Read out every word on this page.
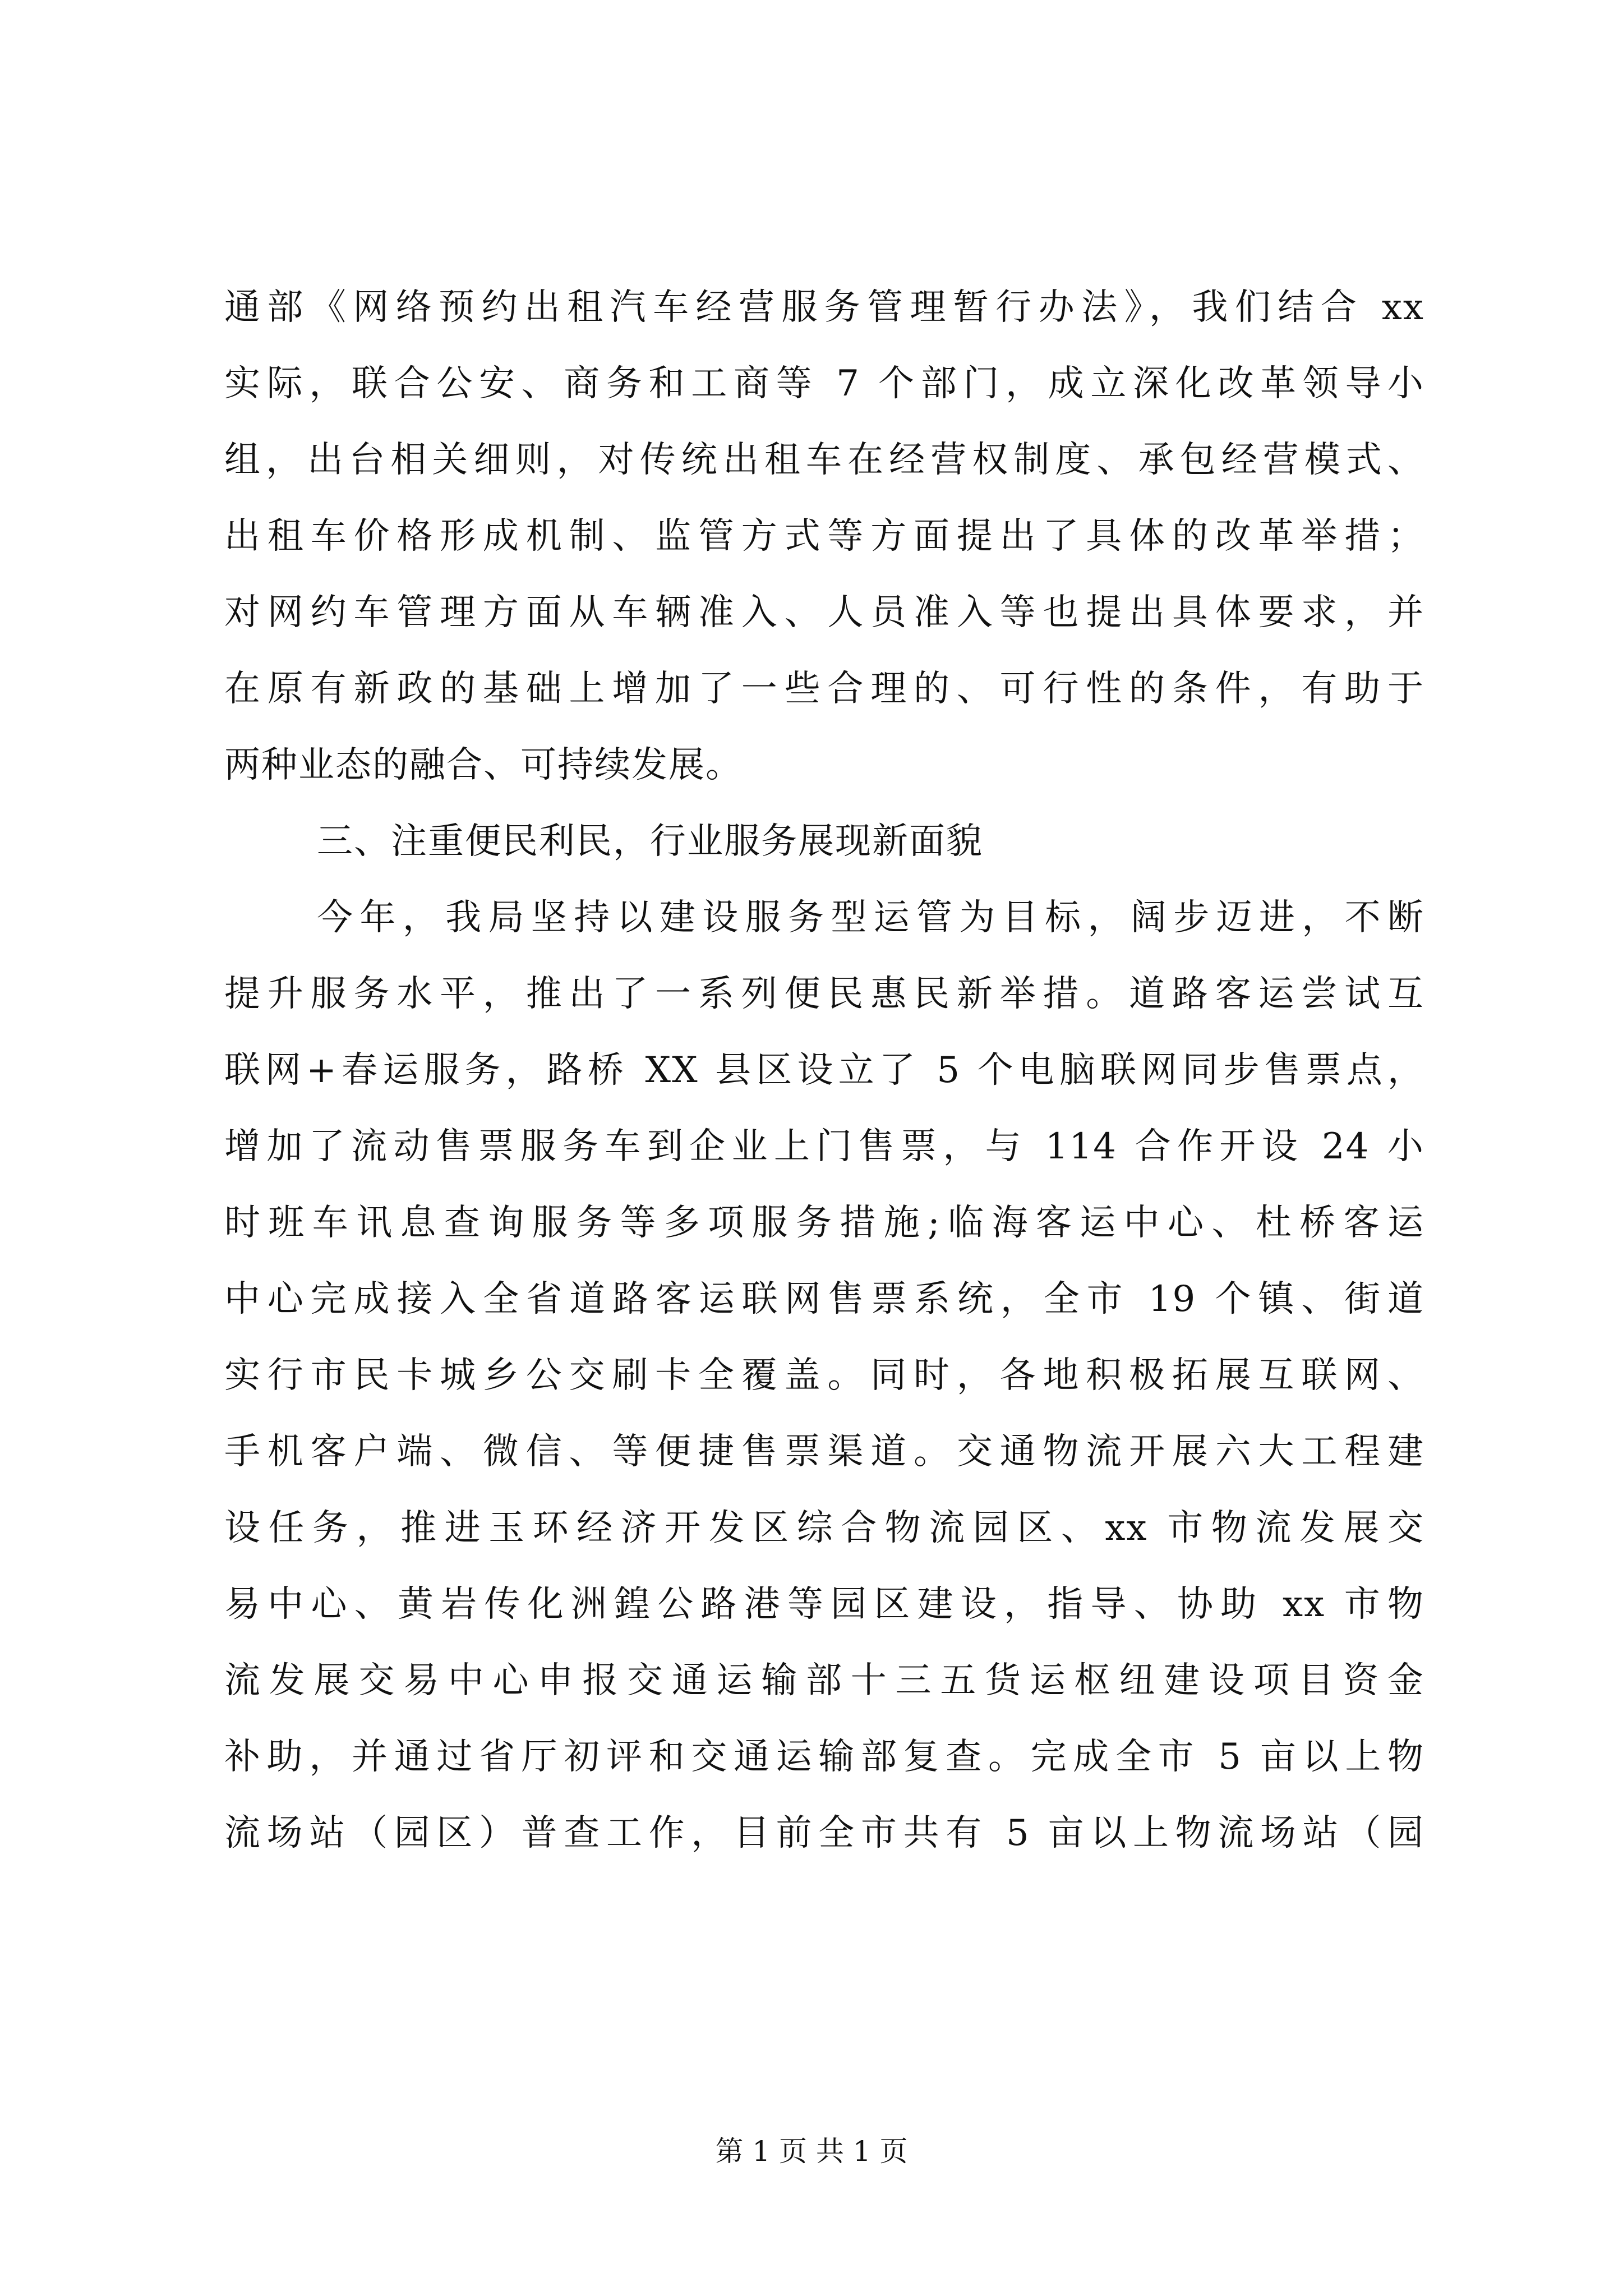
通部《网络预约出租汽车经营服务管理暂行办法》，我们结合 xx
实际，联合公安、商务和工商等 7 个部门，成立深化改革领导小
组，出台相关细则，对传统出租车在经营权制度、承包经营模式、
出租车价格形成机制、监管方式等方面提出了具体的改革举措；
对网约车管理方面从车辆准入、人员准入等也提出具体要求，并
在原有新政的基础上增加了一些合理的、可行性的条件，有助于
两种业态的融合、可持续发展。
三、注重便民利民，行业服务展现新面貌
今年，我局坚持以建设服务型运管为目标，阔步迈进，不断
提升服务水平，推出了一系列便民惠民新举措。道路客运尝试互
联网+春运服务，路桥 XX 县区设立了 5 个电脑联网同步售票点，
增加了流动售票服务车到企业上门售票，与 114 合作开设 24 小
时班车讯息查询服务等多项服务措施;临海客运中心、杜桥客运
中心完成接入全省道路客运联网售票系统，全市 19 个镇、街道
实行市民卡城乡公交刷卡全覆盖。同时，各地积极拓展互联网、
手机客户端、微信、等便捷售票渠道。交通物流开展六大工程建
设任务，推进玉环经济开发区综合物流园区、xx 市物流发展交
易中心、黄岩传化洲鍠公路港等园区建设，指导、协助 xx 市物
流发展交易中心申报交通运输部十三五货运枢纽建设项目资金
补助，并通过省厅初评和交通运输部复查。完成全市 5 亩以上物
流场站（园区）普查工作，目前全市共有 5 亩以上物流场站（园
第 1 页 共 1 页
